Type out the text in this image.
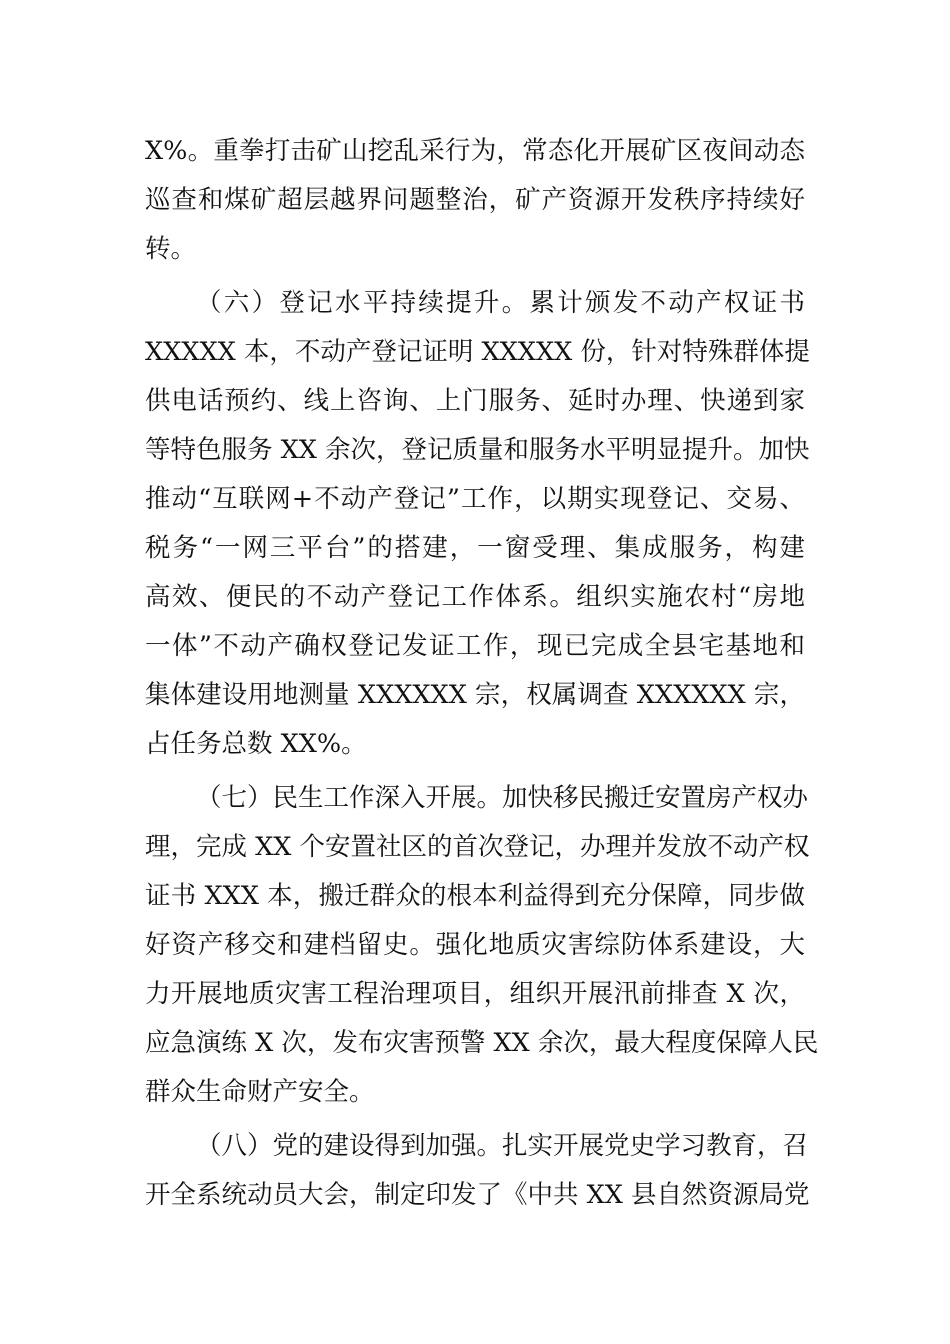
X%。重拳打击矿山挖乱采行为，常态化开展矿区夜间动态
巡查和煤矿超层越界问题整治，矿产资源开发秩序持续好
转。
（六）登记水平持续提升。累计颁发不动产权证书
XXXXX 本，不动产登记证明 XXXXX 份，针对特殊群体提
供电话预约、线上咨询、上门服务、延时办理、快递到家
等特色服务 XX 余次，登记质量和服务水平明显提升。加快
推动“互联网+不动产登记”工作，以期实现登记、交易、
税务“一网三平台”的搭建，一窗受理、集成服务，构建
高效、便民的不动产登记工作体系。组织实施农村“房地
一体”不动产确权登记发证工作，现已完成全县宅基地和
集体建设用地测量 XXXXXX 宗，权属调查 XXXXXX 宗，
占任务总数 XX%。
（七）民生工作深入开展。加快移民搬迁安置房产权办
理，完成 XX 个安置社区的首次登记，办理并发放不动产权
证书 XXX 本，搬迁群众的根本利益得到充分保障，同步做
好资产移交和建档留史。强化地质灾害综防体系建设，大
力开展地质灾害工程治理项目，组织开展汛前排查 X 次，
应急演练 X 次，发布灾害预警 XX 余次，最大程度保障人民
群众生命财产安全。
（八）党的建设得到加强。扎实开展党史学习教育，召
开全系统动员大会，制定印发了《中共 XX 县自然资源局党
